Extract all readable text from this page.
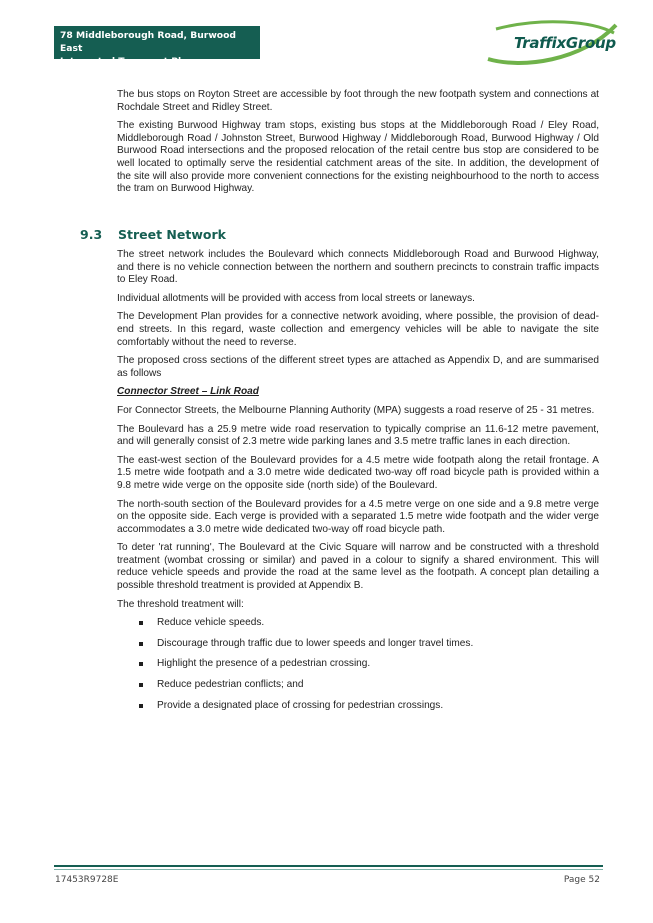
78 Middleborough Road, Burwood East
Integrated Transport Plan
TraffixGroup

The bus stops on Royton Street are accessible by foot through the new footpath system and connections at Rochdale Street and Ridley Street.

The existing Burwood Highway tram stops, existing bus stops at the Middleborough Road / Eley Road, Middleborough Road / Johnston Street, Burwood Highway / Middleborough Road, Burwood Highway / Old Burwood Road intersections and the proposed relocation of the retail centre bus stop are considered to be well located to optimally serve the residential catchment areas of the site. In addition, the development of the site will also provide more convenient connections for the existing neighbourhood to the north to access the tram on Burwood Highway.

9.3 Street Network

The street network includes the Boulevard which connects Middleborough Road and Burwood Highway, and there is no vehicle connection between the northern and southern precincts to constrain traffic impacts to Eley Road.

Individual allotments will be provided with access from local streets or laneways.

The Development Plan provides for a connective network avoiding, where possible, the provision of dead-end streets. In this regard, waste collection and emergency vehicles will be able to navigate the site comfortably without the need to reverse.

The proposed cross sections of the different street types are attached as Appendix D, and are summarised as follows

Connector Street – Link Road

For Connector Streets, the Melbourne Planning Authority (MPA) suggests a road reserve of 25 - 31 metres.

The Boulevard has a 25.9 metre wide road reservation to typically comprise an 11.6-12 metre pavement, and will generally consist of 2.3 metre wide parking lanes and 3.5 metre traffic lanes in each direction.

The east-west section of the Boulevard provides for a 4.5 metre wide footpath along the retail frontage. A 1.5 metre wide footpath and a 3.0 metre wide dedicated two-way off road bicycle path is provided within a 9.8 metre wide verge on the opposite side (north side) of the Boulevard.

The north-south section of the Boulevard provides for a 4.5 metre verge on one side and a 9.8 metre verge on the opposite side. Each verge is provided with a separated 1.5 metre wide footpath and the wider verge accommodates a 3.0 metre wide dedicated two-way off road bicycle path.

To deter 'rat running', The Boulevard at the Civic Square will narrow and be constructed with a threshold treatment (wombat crossing or similar) and paved in a colour to signify a shared environment. This will reduce vehicle speeds and provide the road at the same level as the footpath. A concept plan detailing a possible threshold treatment is provided at Appendix B.

The threshold treatment will:

Reduce vehicle speeds.
Discourage through traffic due to lower speeds and longer travel times.
Highlight the presence of a pedestrian crossing.
Reduce pedestrian conflicts; and
Provide a designated place of crossing for pedestrian crossings.
17453R9728E	Page 52
